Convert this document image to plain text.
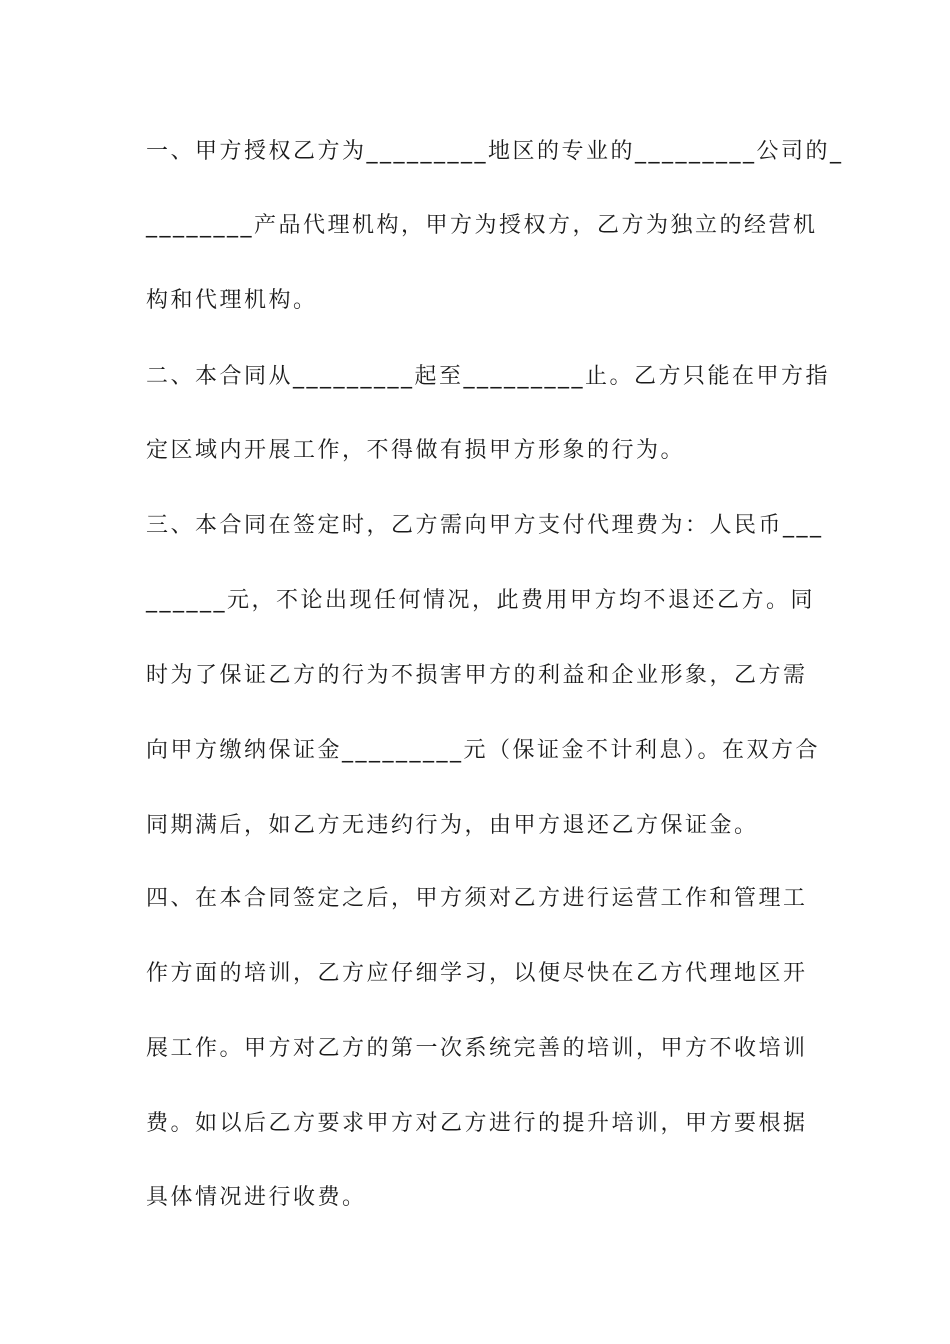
一、甲方授权乙方为_________地区的专业的_________公司的_
________产品代理机构，甲方为授权方，乙方为独立的经营机
构和代理机构。
二、本合同从_________起至_________止。乙方只能在甲方指
定区域内开展工作，不得做有损甲方形象的行为。
三、本合同在签定时，乙方需向甲方支付代理费为：人民币___
______元，不论出现任何情况，此费用甲方均不退还乙方。同
时为了保证乙方的行为不损害甲方的利益和企业形象，乙方需
向甲方缴纳保证金_________元（保证金不计利息）。在双方合
同期满后，如乙方无违约行为，由甲方退还乙方保证金。
四、在本合同签定之后，甲方须对乙方进行运营工作和管理工
作方面的培训，乙方应仔细学习，以便尽快在乙方代理地区开
展工作。甲方对乙方的第一次系统完善的培训，甲方不收培训
费。如以后乙方要求甲方对乙方进行的提升培训，甲方要根据
具体情况进行收费。
